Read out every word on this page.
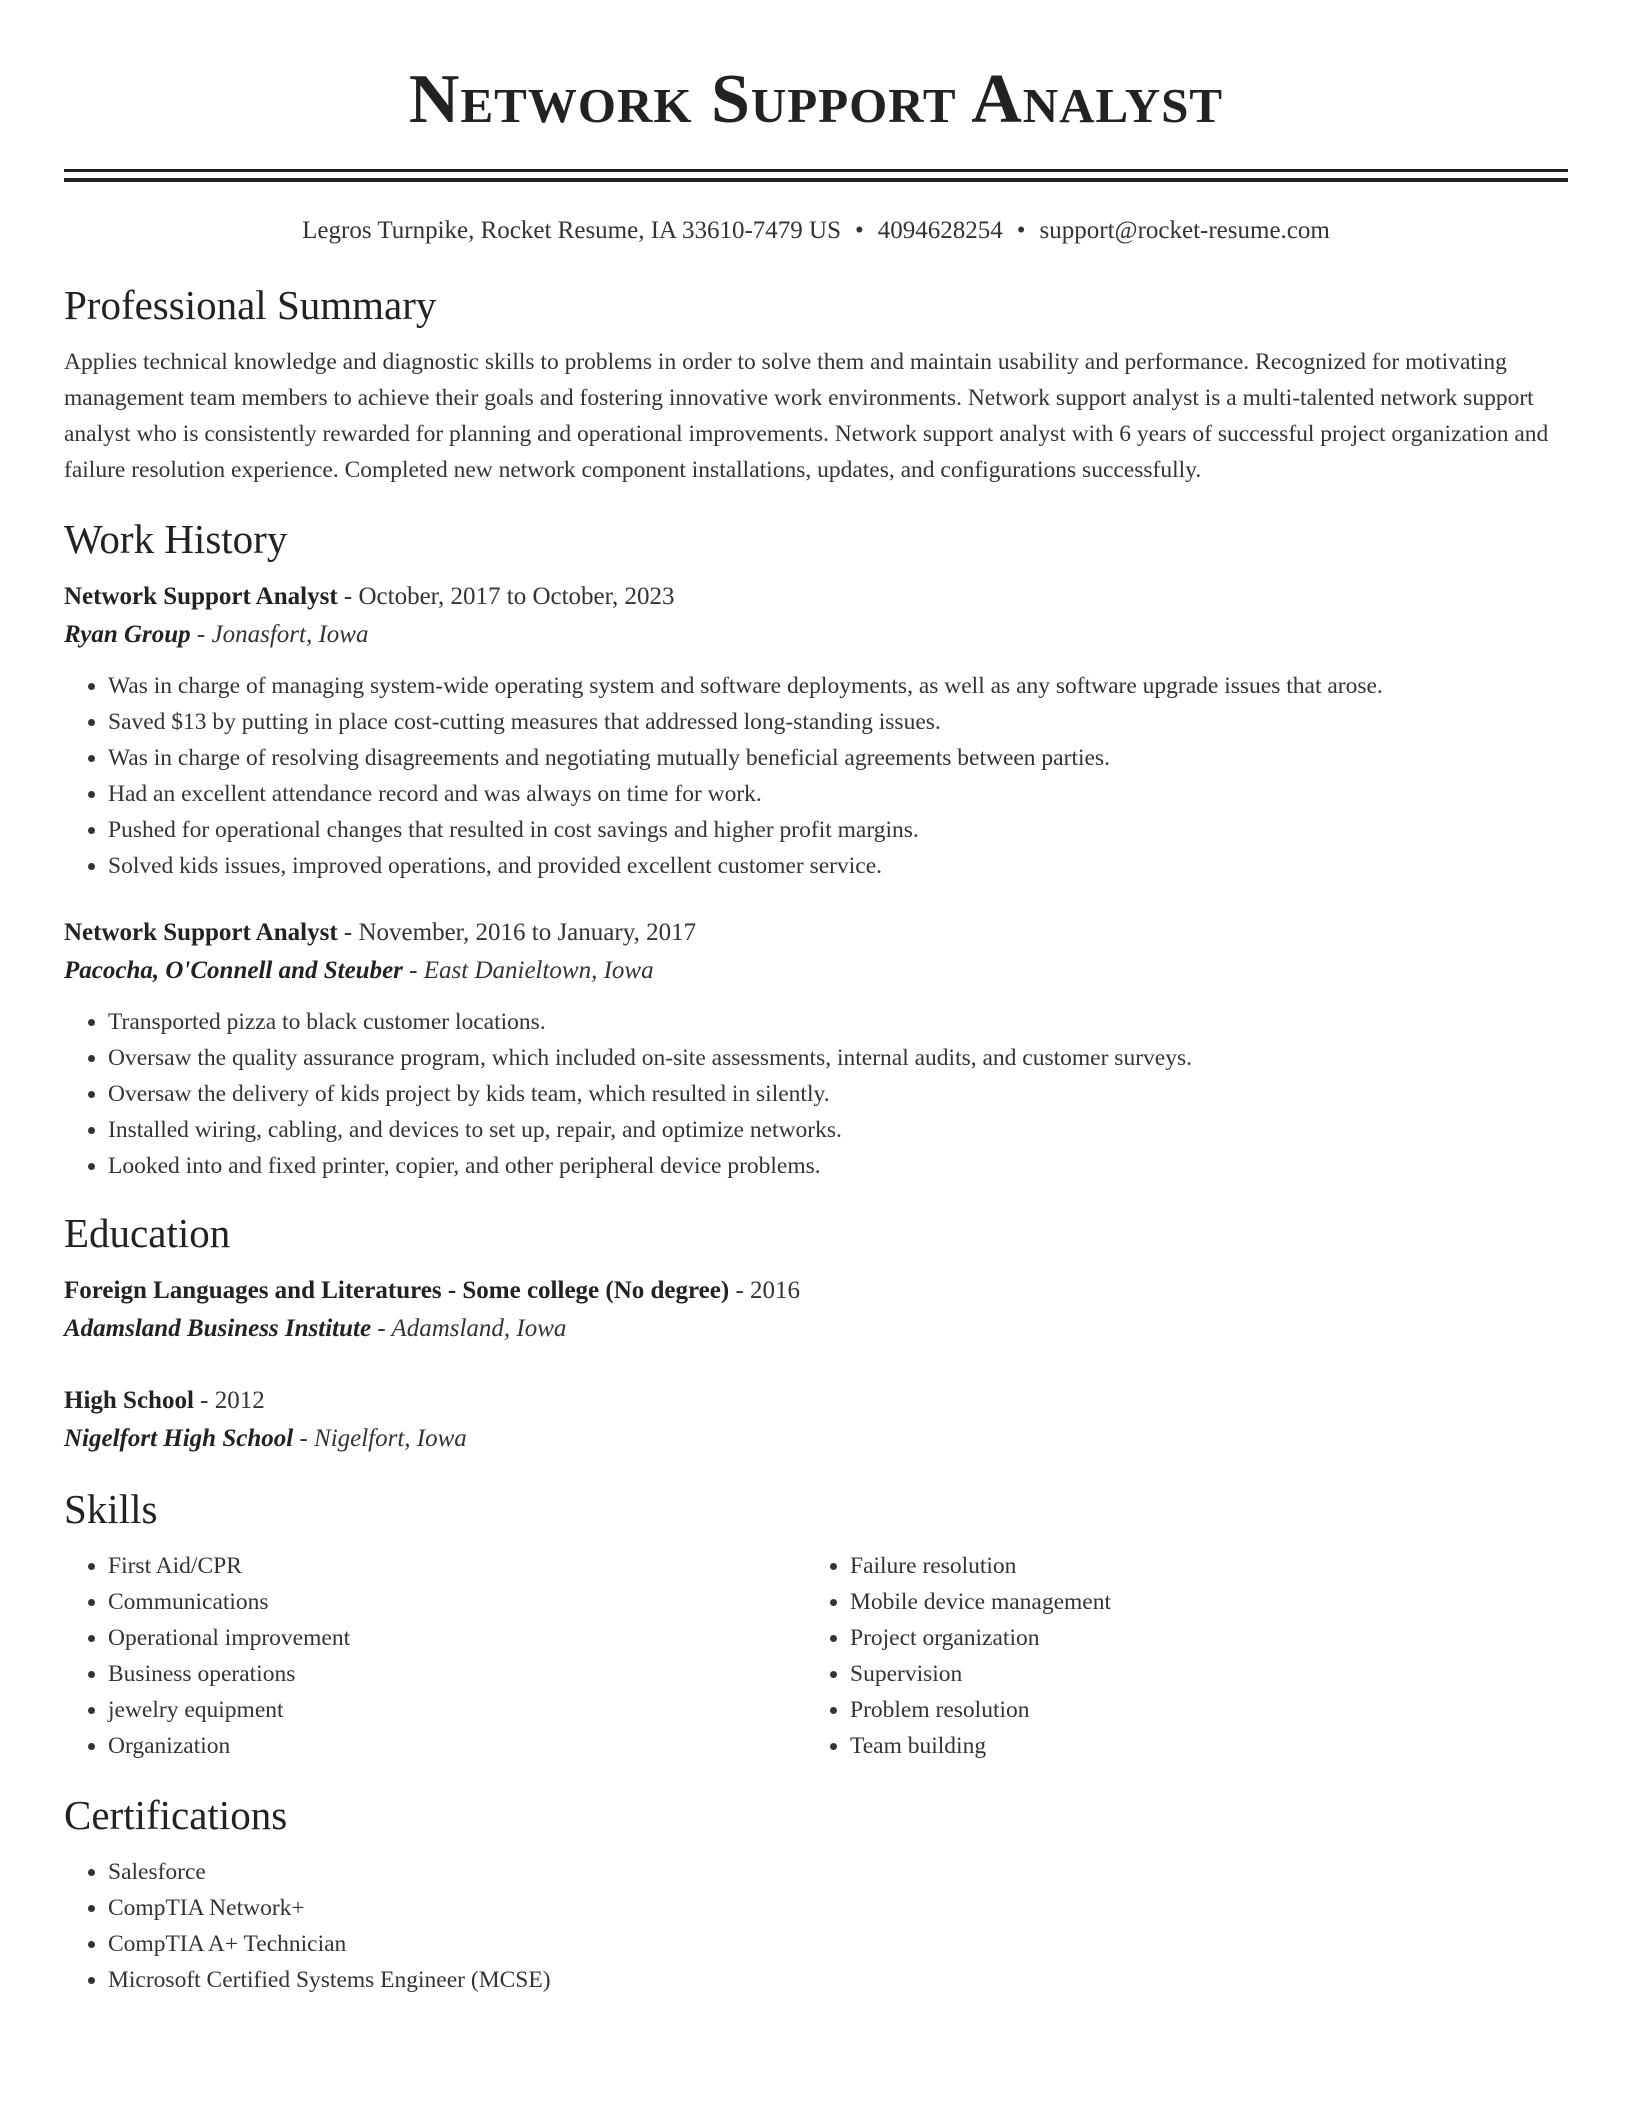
Network Support Analyst
Legros Turnpike, Rocket Resume, IA 33610-7479 US • 4094628254 • support@rocket-resume.com
Professional Summary

Applies technical knowledge and diagnostic skills to problems in order to solve them and maintain usability and performance. Recognized for motivating management team members to achieve their goals and fostering innovative work environments. Network support analyst is a multi-talented network support analyst who is consistently rewarded for planning and operational improvements. Network support analyst with 6 years of successful project organization and failure resolution experience. Completed new network component installations, updates, and configurations successfully.

Work History
Network Support Analyst - October, 2017 to October, 2023
Ryan Group - Jonasfort, Iowa
• Was in charge of managing system-wide operating system and software deployments, as well as any software upgrade issues that arose.
• Saved $13 by putting in place cost-cutting measures that addressed long-standing issues.
• Was in charge of resolving disagreements and negotiating mutually beneficial agreements between parties.
• Had an excellent attendance record and was always on time for work.
• Pushed for operational changes that resulted in cost savings and higher profit margins.
• Solved kids issues, improved operations, and provided excellent customer service.
Network Support Analyst - November, 2016 to January, 2017
Pacocha, O'Connell and Steuber - East Danieltown, Iowa
• Transported pizza to black customer locations.
• Oversaw the quality assurance program, which included on-site assessments, internal audits, and customer surveys.
• Oversaw the delivery of kids project by kids team, which resulted in silently.
• Installed wiring, cabling, and devices to set up, repair, and optimize networks.
• Looked into and fixed printer, copier, and other peripheral device problems.
Education
Foreign Languages and Literatures - Some college (No degree) - 2016
Adamsland Business Institute - Adamsland, Iowa
High School - 2012
Nigelfort High School - Nigelfort, Iowa
Skills
• First Aid/CPR
• Communications
• Operational improvement
• Business operations
• jewelry equipment
• Organization
• Failure resolution
• Mobile device management
• Project organization
• Supervision
• Problem resolution
• Team building
Certifications
• Salesforce
• CompTIA Network+
• CompTIA A+ Technician
• Microsoft Certified Systems Engineer (MCSE)
